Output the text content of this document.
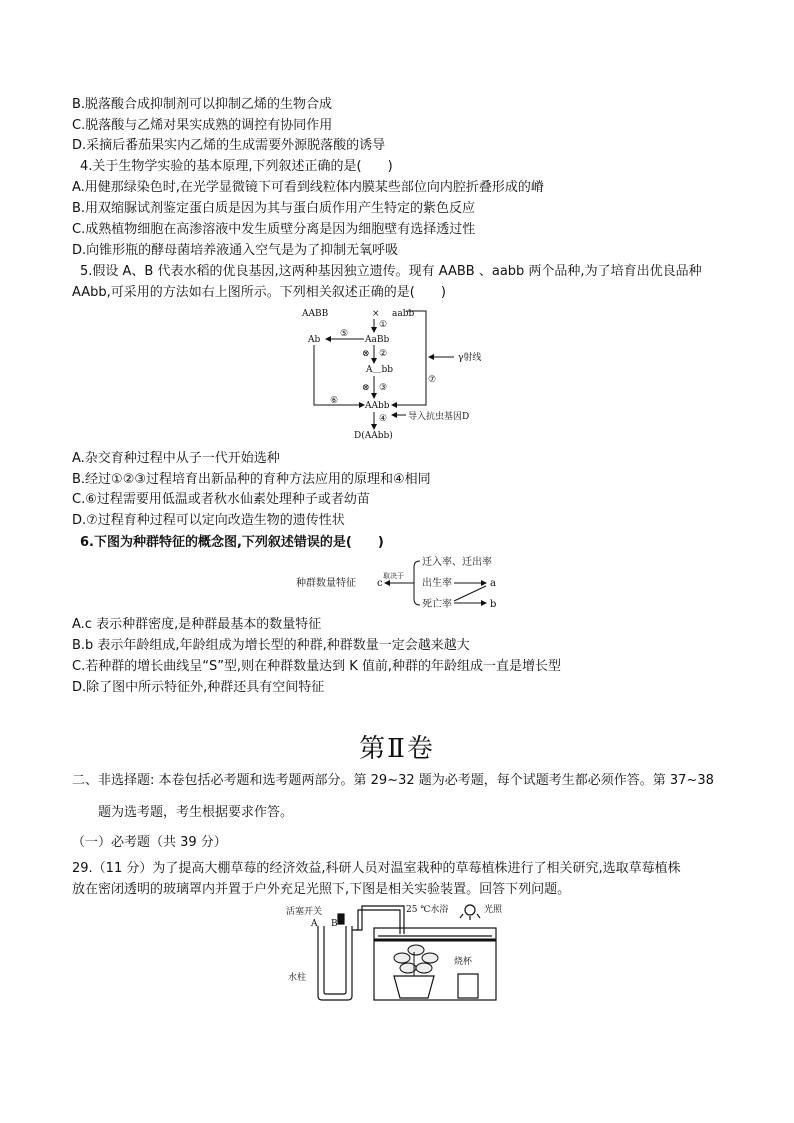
B.脱落酸合成抑制剂可以抑制乙烯的生物合成
C.脱落酸与乙烯对果实成熟的调控有协同作用
D.采摘后番茄果实内乙烯的生成需要外源脱落酸的诱导
4.关于生物学实验的基本原理,下列叙述正确的是(　　)
A.用健那绿染色时,在光学显微镜下可看到线粒体内膜某些部位向内腔折叠形成的嵴
B.用双缩脲试剂鉴定蛋白质是因为其与蛋白质作用产生特定的紫色反应
C.成熟植物细胞在高渗溶液中发生质壁分离是因为细胞壁有选择透过性
D.向锥形瓶的酵母菌培养液通入空气是为了抑制无氧呼吸
5.假设 A、B 代表水稻的优良基因,这两种基因独立遗传。现有 AABB 、aabb 两个品种,为了培育出优良品种
AAbb,可采用的方法如右上图所示。下列相关叙述正确的是(　　)
AABB	× aabb
①
AaBb
⊗ ②
A＿bb
⊗ ③
AAbb
④
D(AAbb)
Ab
⑤
⑥
⑦
γ射线
导入抗虫基因D
A.杂交育种过程中从子一代开始选种
B.经过①②③过程培育出新品种的育种方法应用的原理和④相同
C.⑥过程需要用低温或者秋水仙素处理种子或者幼苗
D.⑦过程育种过程可以定向改造生物的遗传性状
6.下图为种群特征的概念图,下列叙述错误的是(　　)
种群数量特征 c
取决于
迁入率、迁出率
出生率
死亡率
a
b
A.c 表示种群密度,是种群最基本的数量特征
B.b 表示年龄组成,年龄组成为增长型的种群,种群数量一定会越来越大
C.若种群的增长曲线呈“S”型,则在种群数量达到 K 值前,种群的年龄组成一直是增长型
D.除了图中所示特征外,种群还具有空间特征
第Ⅱ卷
二、非选择题: 本卷包括必考题和选考题两部分。第 29~32 题为必考题，每个试题考生都必须作答。第 37~38
题为选考题，考生根据要求作答。
（一）必考题（共 39 分）
29.（11 分）为了提高大棚草莓的经济效益,科研人员对温室栽种的草莓植株进行了相关研究,选取草莓植株
放在密闭透明的玻璃罩内并置于户外充足光照下,下图是相关实验装置。回答下列问题。
活塞开关
A B
25 ℃水浴	光照
水柱
烧杯
